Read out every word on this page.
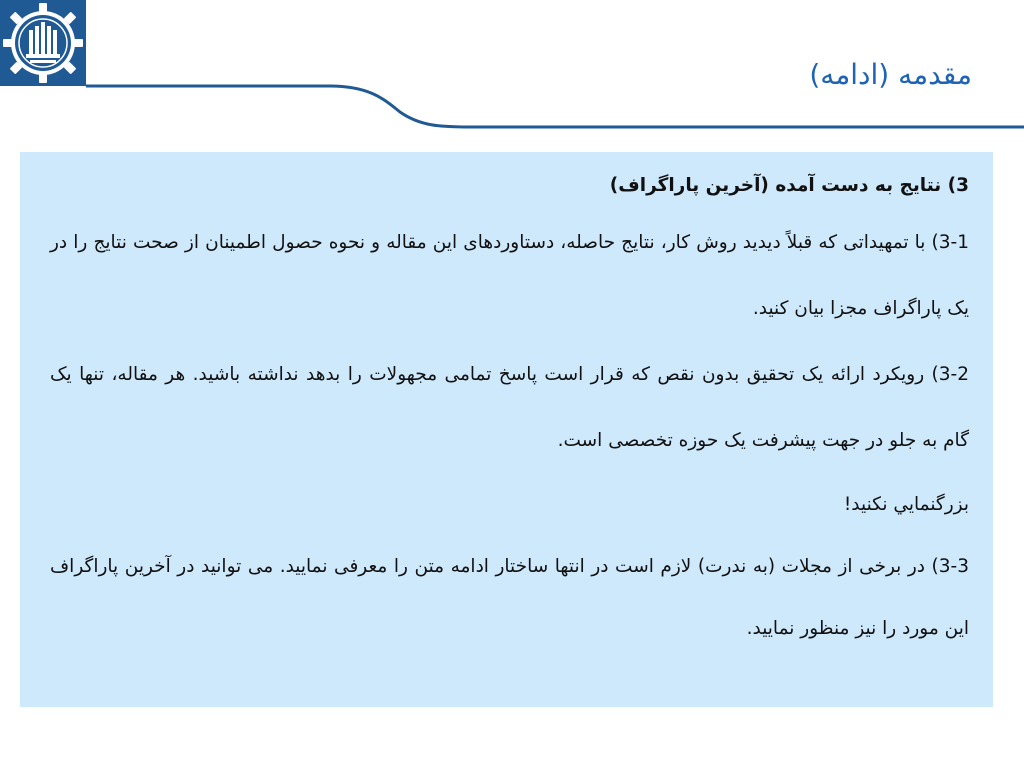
مقدمه (ادامه)

3) نتایج به دست آمده (آخرین پاراگراف)

3-1) با تمهیداتی که قبلاً دیدید روش کار، نتایج حاصله، دستاوردهای این مقاله و نحوه حصول اطمینان از صحت نتایج را در یک پاراگراف مجزا بیان کنید.

3-2) رویکرد ارائه یک تحقیق بدون نقص که قرار است پاسخ تمامی مجهولات را بدهد نداشته باشید. هر مقاله، تنها یک گام به جلو در جهت پیشرفت یک حوزه تخصصی است.

بزرگنمايي نكنيد!

3-3) در برخی از مجلات (به ندرت) لازم است در انتها ساختار ادامه متن را معرفی نمایید. می توانید در آخرین پاراگراف این مورد را نیز منظور نمایید.
